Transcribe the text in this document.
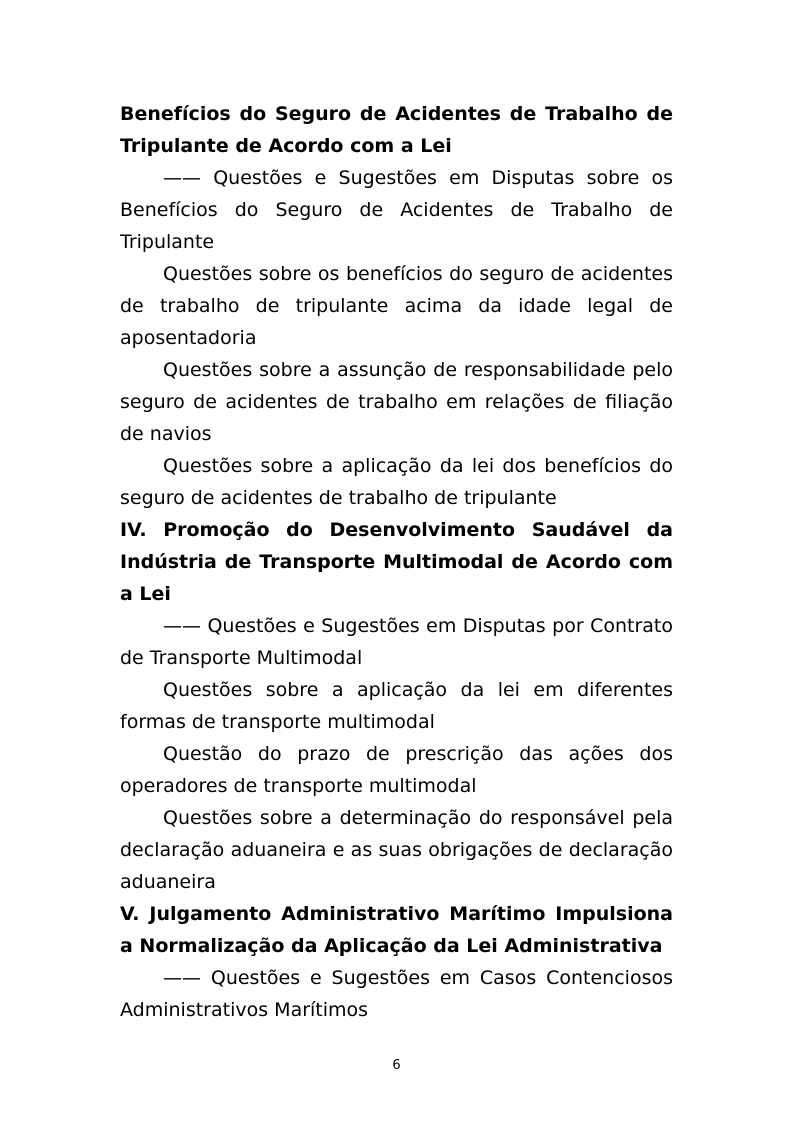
Benefícios do Seguro de Acidentes de Trabalho de Tripulante de Acordo com a Lei

—— Questões e Sugestões em Disputas sobre os Benefícios do Seguro de Acidentes de Trabalho de Tripulante

Questões sobre os benefícios do seguro de acidentes de trabalho de tripulante acima da idade legal de aposentadoria

Questões sobre a assunção de responsabilidade pelo seguro de acidentes de trabalho em relações de filiação de navios

Questões sobre a aplicação da lei dos benefícios do seguro de acidentes de trabalho de tripulante

IV. Promoção do Desenvolvimento Saudável da Indústria de Transporte Multimodal de Acordo com a Lei

—— Questões e Sugestões em Disputas por Contrato de Transporte Multimodal

Questões sobre a aplicação da lei em diferentes formas de transporte multimodal

Questão do prazo de prescrição das ações dos operadores de transporte multimodal

Questões sobre a determinação do responsável pela declaração aduaneira e as suas obrigações de declaração aduaneira

V. Julgamento Administrativo Marítimo Impulsiona a Normalização da Aplicação da Lei Administrativa

—— Questões e Sugestões em Casos Contenciosos Administrativos Marítimos

6
